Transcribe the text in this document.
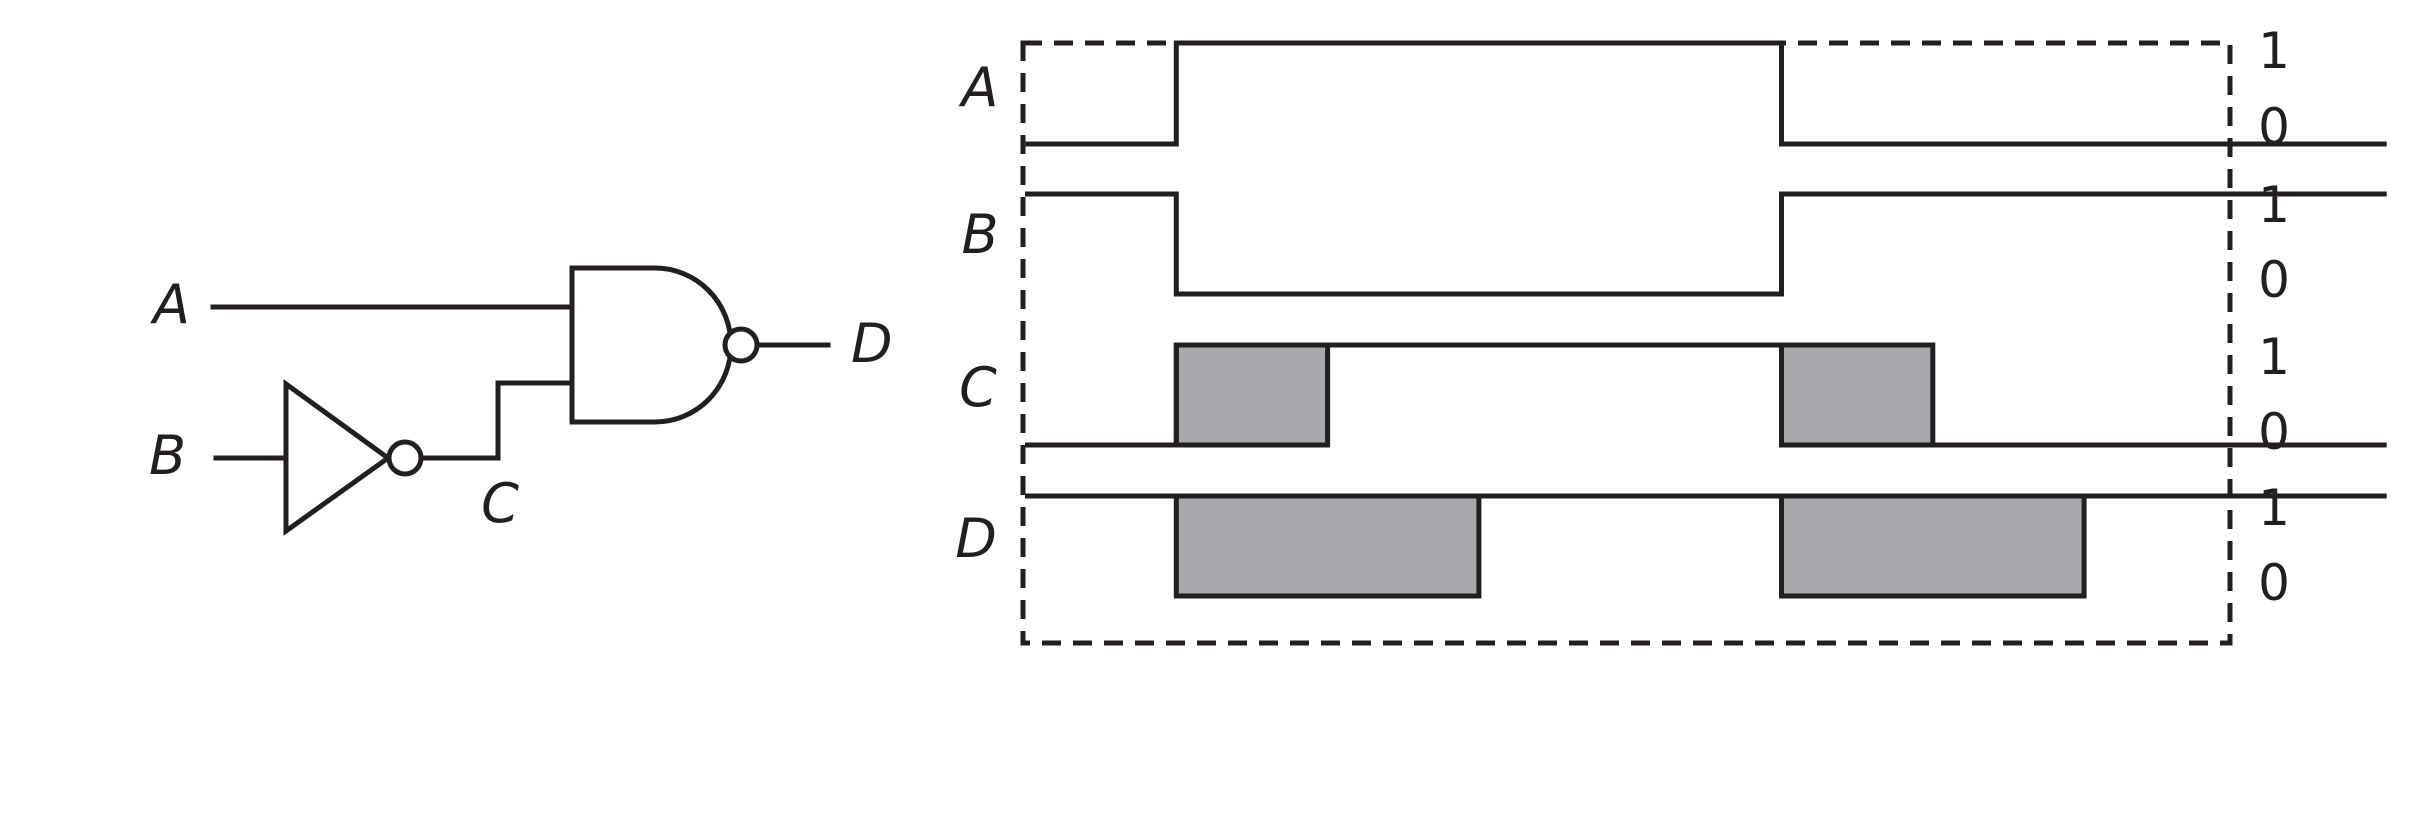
A
B
C
D
A
1
0
B	1
0
C	1
0
D	1
0
